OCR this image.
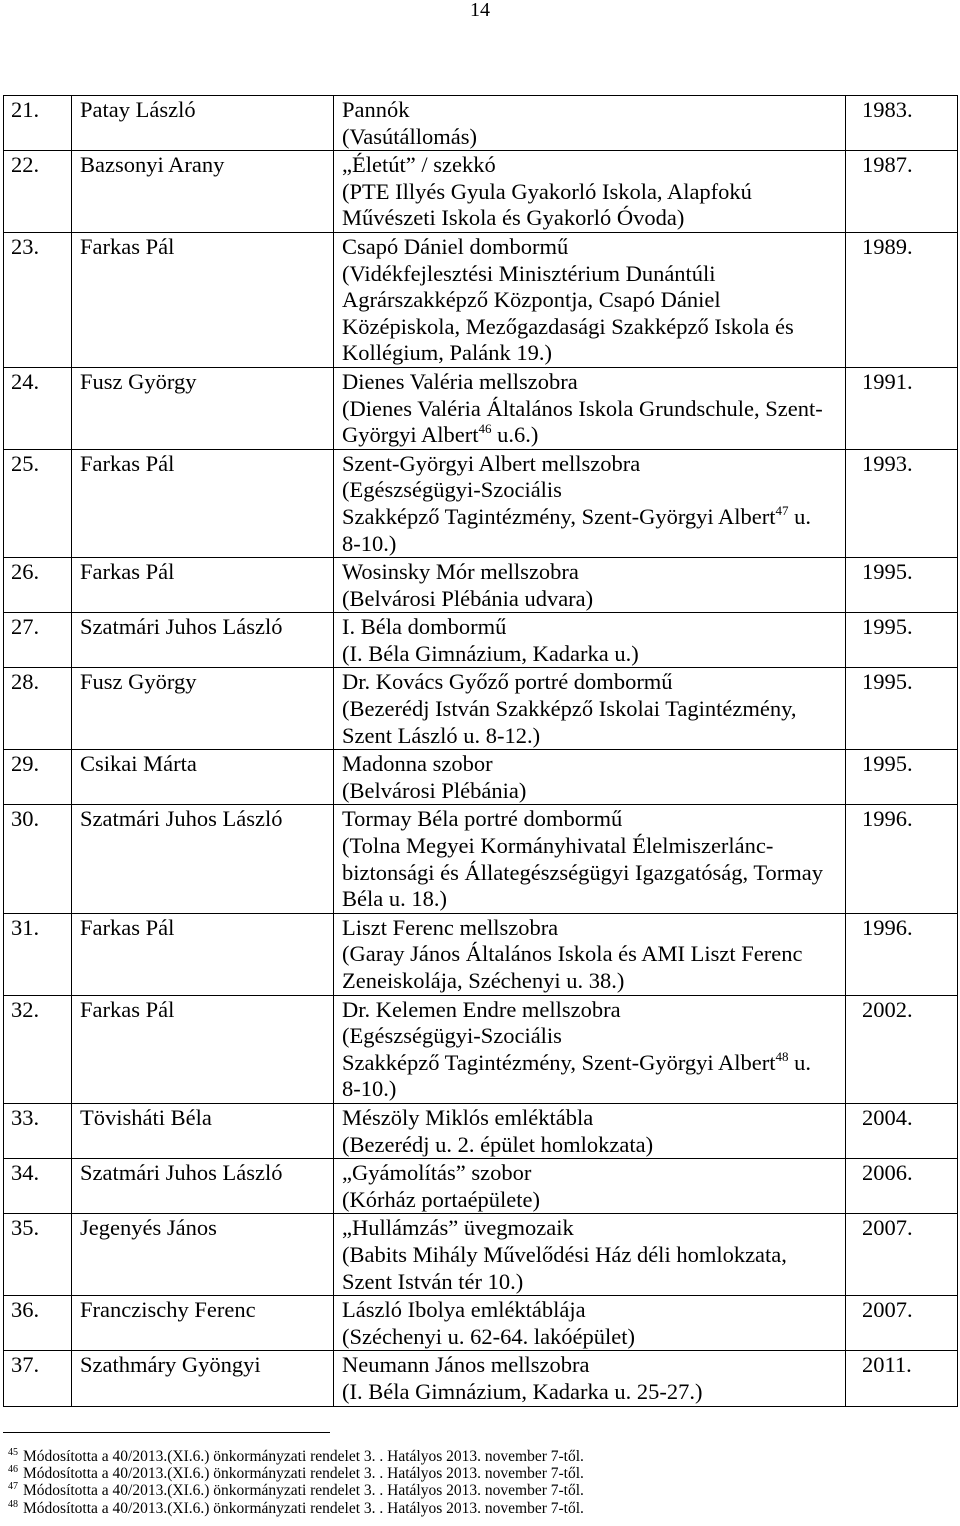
14
21.	Patay László	Pannók
(Vasútállomás)	1983.
22.	Bazsonyi Arany	„Életút” / szekkó
(PTE Illyés Gyula Gyakorló Iskola, Alapfokú
Művészeti Iskola és Gyakorló Óvoda)	1987.
23.	Farkas Pál	Csapó Dániel dombormű
(Vidékfejlesztési Minisztérium Dunántúli
Agrárszakképző Központja, Csapó Dániel
Középiskola, Mezőgazdasági Szakképző Iskola és
Kollégium, Palánk 19.)	1989.
24.	Fusz György	Dienes Valéria mellszobra
(Dienes Valéria Általános Iskola Grundschule, Szent-
Györgyi Albert$^{46}$ u.6.)	1991.
25.	Farkas Pál	Szent-Györgyi Albert mellszobra
(Egészségügyi-Szociális
Szakképző Tagintézmény, Szent-Györgyi Albert$^{47}$ u.
8-10.)	1993.
26.	Farkas Pál	Wosinsky Mór mellszobra
(Belvárosi Plébánia udvara)	1995.
27.	Szatmári Juhos László	I. Béla dombormű
(I. Béla Gimnázium, Kadarka u.)	1995.
28.	Fusz György	Dr. Kovács Győző portré dombormű
(Bezerédj István Szakképző Iskolai Tagintézmény,
Szent László u. 8-12.)	1995.
29.	Csikai Márta	Madonna szobor
(Belvárosi Plébánia)	1995.
30.	Szatmári Juhos László	Tormay Béla portré dombormű
(Tolna Megyei Kormányhivatal Élelmiszerlánc-
biztonsági és Állategészségügyi Igazgatóság, Tormay
Béla u. 18.)	1996.
31.	Farkas Pál	Liszt Ferenc mellszobra
(Garay János Általános Iskola és AMI Liszt Ferenc
Zeneiskolája, Széchenyi u. 38.)	1996.
32.	Farkas Pál	Dr. Kelemen Endre mellszobra
(Egészségügyi-Szociális
Szakképző Tagintézmény, Szent-Györgyi Albert$^{48}$ u.
8-10.)	2002.
33.	Tövisháti Béla	Mészöly Miklós emléktábla
(Bezerédj u. 2. épület homlokzata)	2004.
34.	Szatmári Juhos László	„Gyámolítás” szobor
(Kórház portaépülete)	2006.
35.	Jegenyés János	„Hullámzás” üvegmozaik
(Babits Mihály Művelődési Ház déli homlokzata,
Szent István tér 10.)	2007.
36.	Franczischy Ferenc	László Ibolya emléktáblája
(Széchenyi u. 62-64. lakóépület)	2007.
37.	Szathmáry Gyöngyi	Neumann János mellszobra
(I. Béla Gimnázium, Kadarka u. 25-27.)	2011.
$^{45}$ Módosította a 40/2013.(XI.6.) önkormányzati rendelet 3. . Hatályos 2013. november 7-től.
$^{46}$ Módosította a 40/2013.(XI.6.) önkormányzati rendelet 3. . Hatályos 2013. november 7-től.
$^{47}$ Módosította a 40/2013.(XI.6.) önkormányzati rendelet 3. . Hatályos 2013. november 7-től.
$^{48}$ Módosította a 40/2013.(XI.6.) önkormányzati rendelet 3. . Hatályos 2013. november 7-től.
